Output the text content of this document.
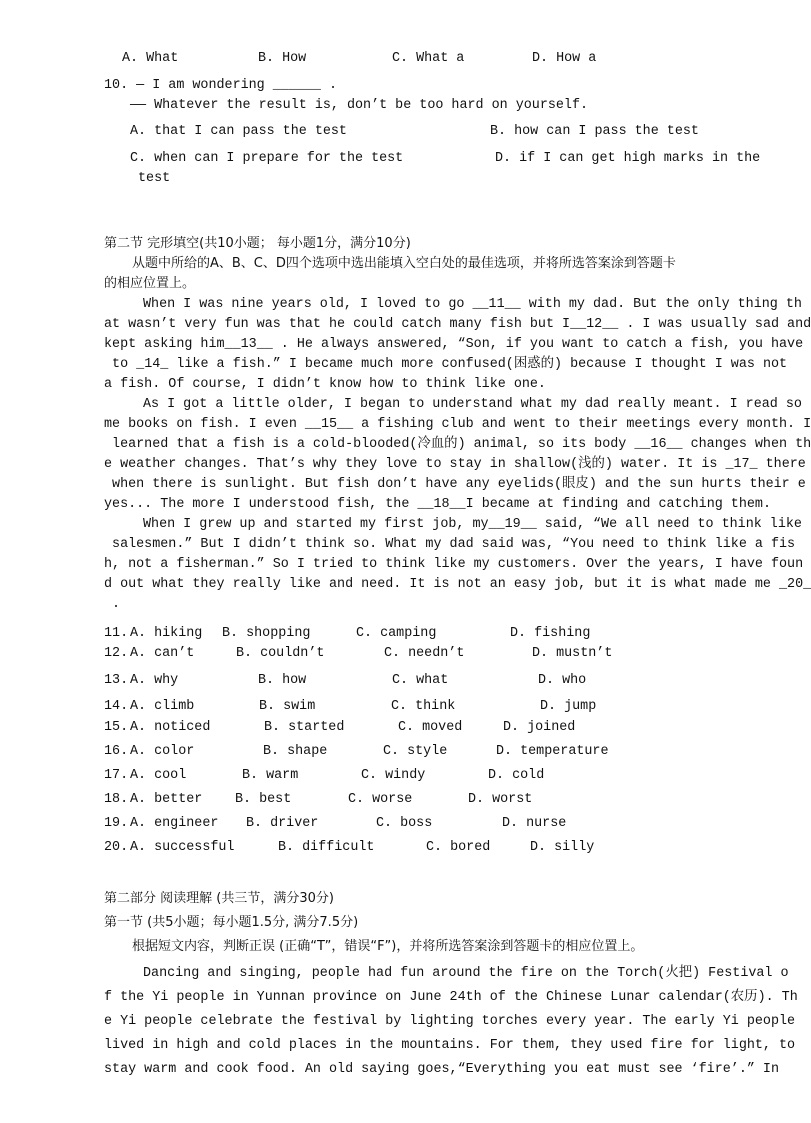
A. What	B. How	C. What a	D. How a
10. — I am wondering ______ .
—— Whatever the result is, don’t be too hard on yourself.
A. that I can pass the test	B. how can I pass the test
C. when can I prepare for the test	D. if I can get high marks in the
test
第二节 完形填空(共10小题； 每小题1分，满分10分)
从题中所给的A、B、C、D四个选项中选出能填入空白处的最佳选项，并将所选答案涂到答题卡
的相应位置上。
When I was nine years old, I loved to go __11__ with my dad. But the only thing th
at wasn’t very fun was that he could catch many fish but I__12__ . I was usually sad and
kept asking him__13__ . He always answered, “Son, if you want to catch a fish, you have
to _14_ like a fish.” I became much more confused(困惑的) because I thought I was not
a fish. Of course, I didn’t know how to think like one.
As I got a little older, I began to understand what my dad really meant. I read so
me books on fish. I even __15__ a fishing club and went to their meetings every month. I
learned that a fish is a cold-blooded(冷血的) animal, so its body __16__ changes when th
e weather changes. That’s why they love to stay in shallow(浅的) water. It is _17_ there
when there is sunlight. But fish don’t have any eyelids(眼皮) and the sun hurts their e
yes... The more I understood fish, the __18__I became at finding and catching them.
When I grew up and started my first job, my__19__ said, “We all need to think like
salesmen.” But I didn’t think so. What my dad said was, “You need to think like a fis
h, not a fisherman.” So I tried to think like my customers. Over the years, I have foun
d out what they really like and need. It is not an easy job, but it is what made me _20_
.
11. A. hiking B. shopping	C. camping	D. fishing
12. A. can’t	B. couldn’t	C. needn’t	D. mustn’t
13. A. why	B. how	C. what	D. who
14. A. climb	B. swim	C. think	D. jump
15. A. noticed	B. started	C. moved	D. joined
16. A. color	B. shape	C. style	D. temperature
17. A. cool	B. warm	C. windy	D. cold
18. A. better B. best	C. worse	D. worst
19. A. engineer B. driver	C. boss	D. nurse
20. A. successful	B. difficult	C. bored	D. silly
第二部分 阅读理解 (共三节，满分30分)
第一节 (共5小题；每小题1.5分, 满分7.5分)
根据短文内容，判断正误 (正确“T”，错误“F”)，并将所选答案涂到答题卡的相应位置上。
Dancing and singing, people had fun around the fire on the Torch(火把) Festival o
f the Yi people in Yunnan province on June 24th of the Chinese Lunar calendar(农历). Th
e Yi people celebrate the festival by lighting torches every year. The early Yi people
lived in high and cold places in the mountains. For them, they used fire for light, to
stay warm and cook food. An old saying goes,“Everything you eat must see ‘fire’.” In
